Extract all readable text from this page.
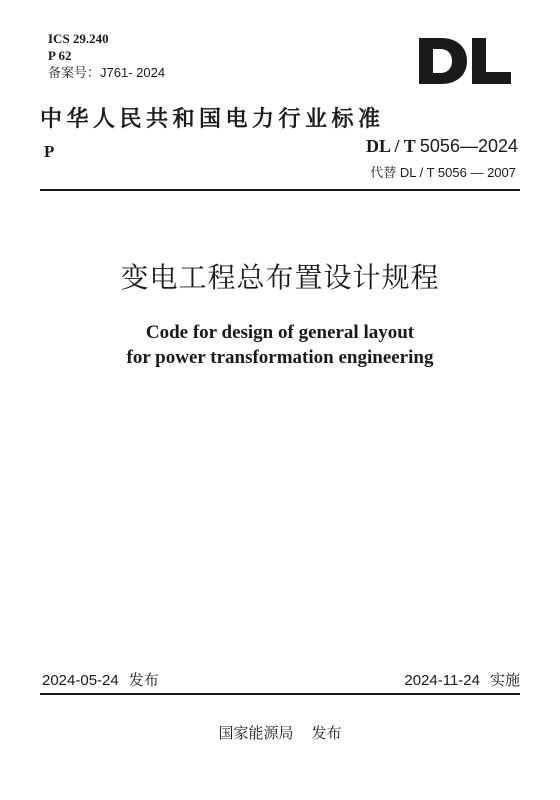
ICS 29.240
P 62
备案号：J761- 2024
中华人民共和国电力行业标准
P	DL / T 5056—2024
代替 DL / T 5056 — 2007
变电工程总布置设计规程
Code for design of general layout
for power transformation engineering
2024-05-24 发布	2024-11-24 实施
国家能源局 发布
